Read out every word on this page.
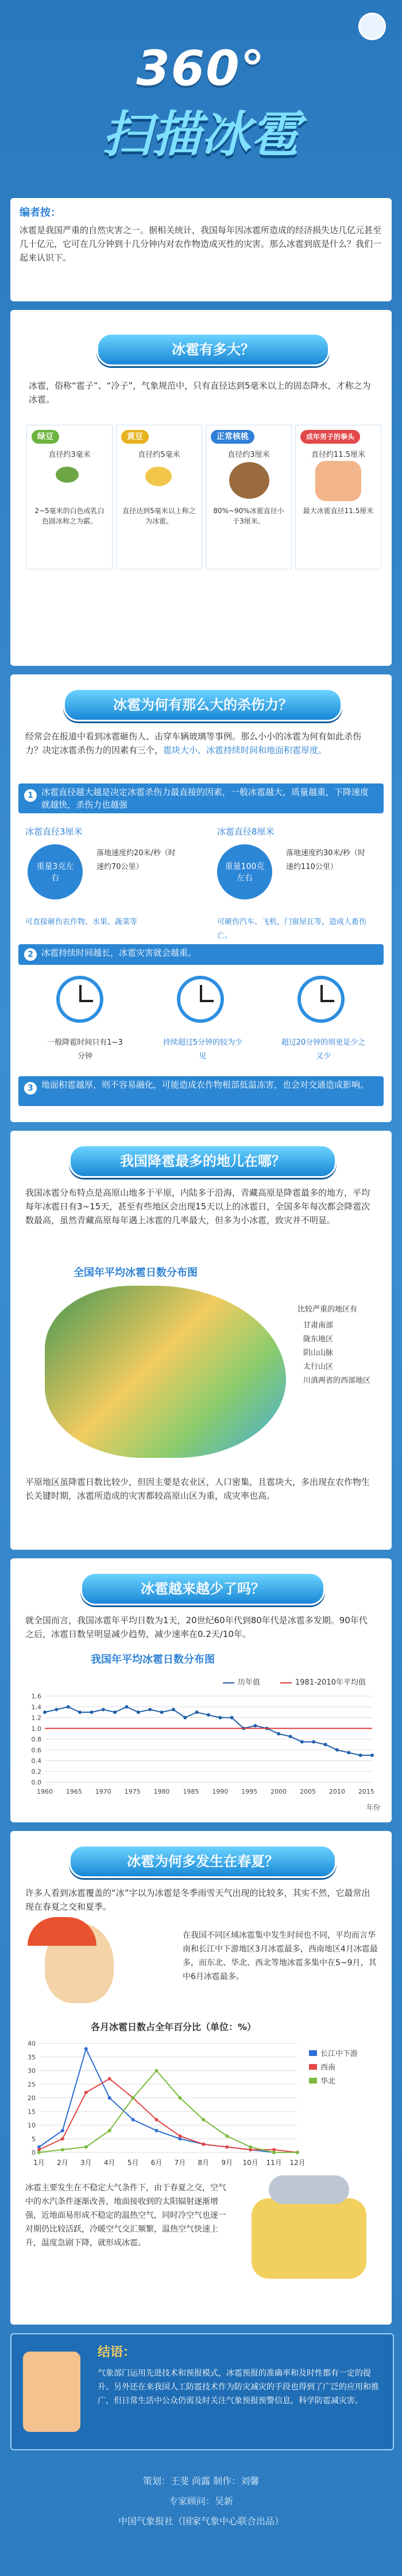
360°
扫描冰雹
编者按：
冰雹是我国严重的自然灾害之一。据相关统计，我国每年因冰雹所造成的经济损失达几亿元甚至几十亿元，它可在几分钟到十几分钟内对农作物造成灭性的灾害。那么冰雹到底是什么？我们一起来认识下。
冰雹有多大？
冰雹，俗称“雹子”、“冷子”，气象规范中，只有直径达到5毫米以上的固态降水，才称之为冰雹。
绿豆
直径约3毫米
2~5毫米的白色或乳白色圆冰称之为霰。
黄豆
直径约5毫米
直径达到5毫米以上称之为冰雹。
正常核桃
直径约3厘米
80%~90%冰雹直径小于3厘米。
成年男子的拳头
直径约11.5厘米
最大冰雹直径11.5厘米
冰雹为何有那么大的杀伤力？
经常会在报道中看到冰雹砸伤人、击穿车辆玻璃等事例。那么小小的冰雹为何有如此杀伤力？决定冰雹杀伤力的因素有三个，雹块大小、冰雹持续时间和地面积雹厚度。
1 冰雹直径越大越是决定冰雹杀伤力最直接的因素，一般冰雹越大，质量越重，下降速度就越快，杀伤力也越强
冰雹直径3厘米
重量3克左右
落地速度约20米/秒（时速约70公里）
可直接砸伤农作物、水果、蔬菜等
冰雹直径8厘米
重量100克左右
落地速度约30米/秒（时速约110公里）
可砸伤汽车、飞机，门窗屋瓦等，造成人畜伤亡。
2 冰雹持续时间越长，冰雹灾害就会越重。
一般降雹时间只有1~3分钟
持续超过5分钟的较为少见
超过20分钟的则更是少之又少
3 地面积雹越厚，则不容易融化，可能造成农作物根部低温冻害，也会对交通造成影响。
我国降雹最多的地儿在哪？
我国冰雹分布特点是高原山地多于平原，内陆多于沿海，青藏高原是降雹最多的地方，平均每年冰雹日有3~15天，甚至有些地区会出现15天以上的冰雹日，全国多年每次都会降雹次数最高，虽然青藏高原每年遇上冰雹的几率最大，但多为小冰雹，致灾并不明显。
全国年平均冰雹日数分布图
比较严重的地区有
甘肃南部
陇东地区
阴山山脉
太行山区
川滇两省的西部地区
平原地区虽降雹日数比较少，但因主要是农业区，人口密集，且雹块大，多出现在农作物生长关键时期，冰雹所造成的灾害都较高原山区为重，成灾率也高。
冰雹越来越少了吗？
就全国而言，我国冰雹年平均日数为1天，20世纪60年代到80年代是冰雹多发期。90年代之后，冰雹日数呈明显减少趋势，减少速率在0.2天/10年。
我国年平均冰雹日数分布图
历年值	1981-2010年平均值
0.0
0.2
0.4
0.6
0.8
1.0
1.2
1.4
1.6
1960 1965 1970 1975 1980 1985 1990 1995 2000 2005 2010 2015
年份
冰雹为何多发生在春夏？
许多人看到冰雹覆盖的“冰”字以为冰雹是冬季雨雪天气出现的比较多，其实不然，它最常出现在春夏之交和夏季。
在我国不同区域冰雹集中发生时间也不同，平均而言华南和长江中下游地区3月冰雹最多，西南地区4月冰雹最多，而东北、华北、西北等地冰雹多集中在5~9月，其中6月冰雹最多。
各月冰雹日数占全年百分比（单位：%）
0
5
10
15
20
25
30
35
40
1月 2月 3月 4月 5月 6月 7月 8月 9月 10月 11月 12月
长江中下游
西南
华北
冰雹主要发生在不稳定大气条件下，由于春夏之交，空气中的水汽条件逐渐改善，地面接收到的太阳辐射逐渐增强，近地面易形成不稳定的温热空气，同时冷空气也逐一对期仍比较活跃，冷暖空气交汇频繁，温热空气快速上升，温度急剧下降，就形成冰雹。
结语：
气象部门运用先进技术和预报模式，冰雹预报的准确率和及时性都有一定的提升。另外还在来我国人工防雹技术作为防灾减灾的手段也得到了广泛的应用和推广，但日常生活中公众仍需及时关注气象预报预警信息，科学防雹减灾害。
策划：王斐 尚露 制作：刘馨
专家顾问：吴新
中国气象报社（国家气象中心联合出品）
